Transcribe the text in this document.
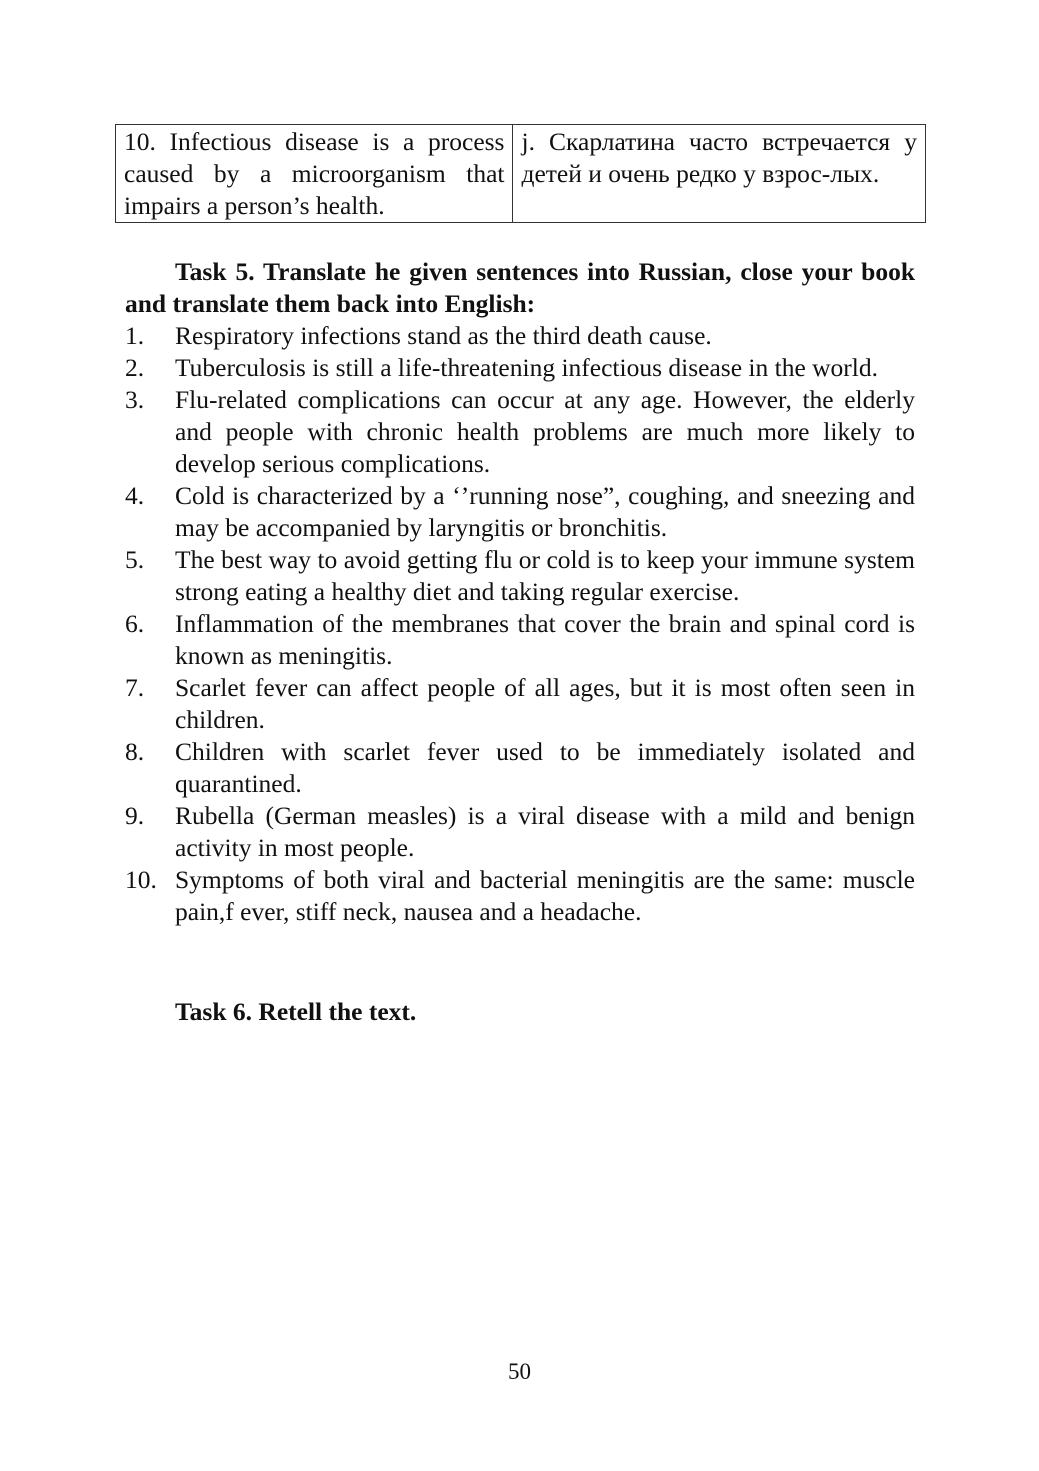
10. Infectious disease is a process caused by a microorganism that impairs a person’s health.	j. Скарлатина часто встречается у детей и очень редко у взрос-лых.

Task 5. Translate he given sentences into Russian, close your book and translate them back into English:

1.	Respiratory infections stand as the third death cause.
2.	Tuberculosis is still a life-threatening infectious disease in the world.
3.	Flu-related complications can occur at any age. However, the elderly and people with chronic health problems are much more likely to develop serious complications.
4.	Cold is characterized by a ‘’running nose”, coughing, and sneezing and may be accompanied by laryngitis or bronchitis.
5.	The best way to avoid getting flu or cold is to keep your immune system strong eating a healthy diet and taking regular exercise.
6.	Inflammation of the membranes that cover the brain and spinal cord is known as meningitis.
7.	Scarlet fever can affect people of all ages, but it is most often seen in children.
8.	Children with scarlet fever used to be immediately isolated and quarantined.
9.	Rubella (German measles) is a viral disease with a mild and benign activity in most people.
10. Symptoms of both viral and bacterial meningitis are the same: muscle pain,f ever, stiff neck, nausea and a headache.

Task 6. Retell the text.

50
